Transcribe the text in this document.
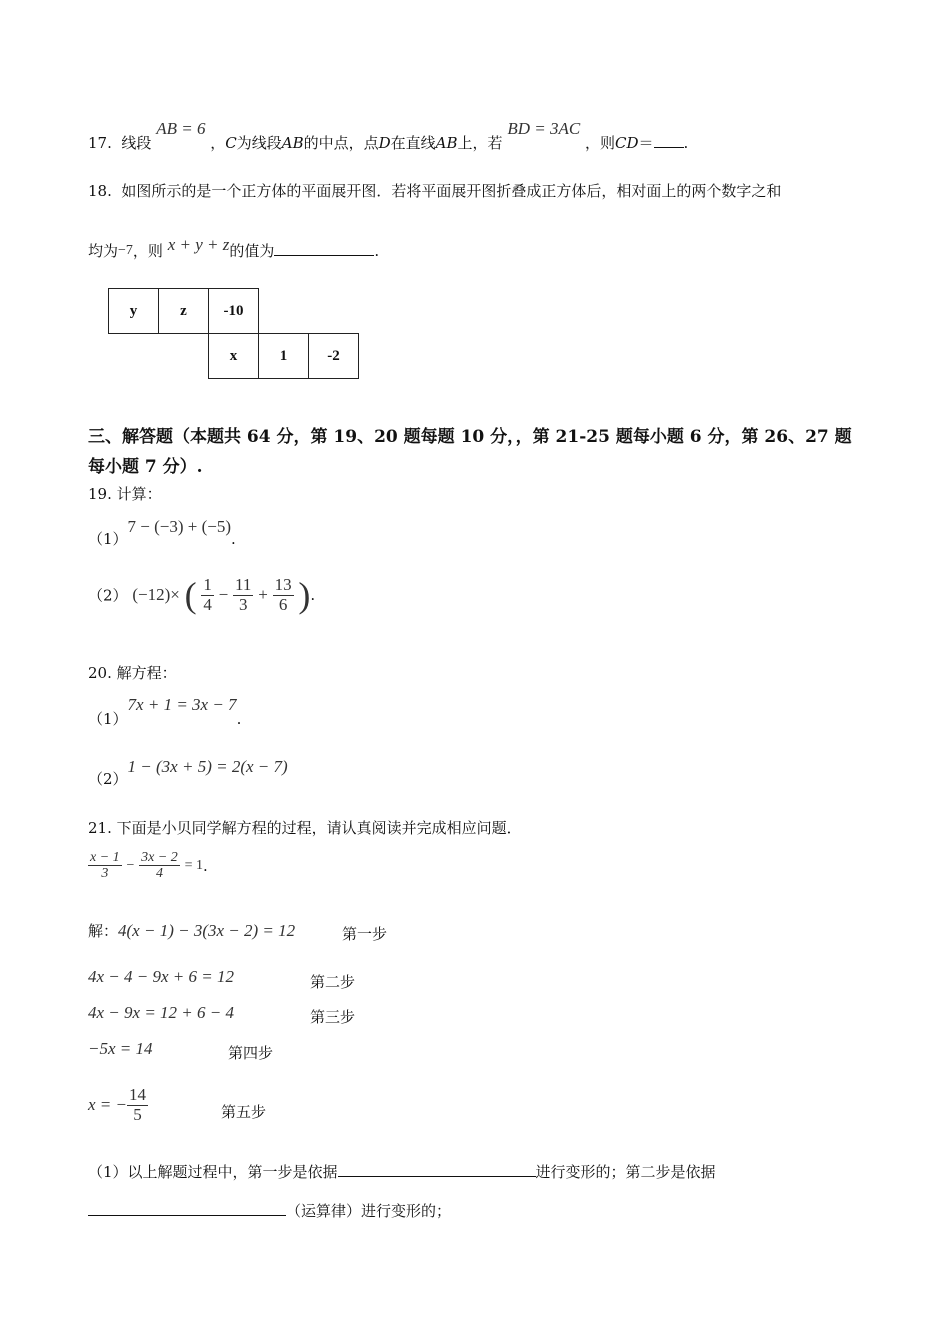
17. 线段 AB = 6 ，C为线段AB的中点，点D在直线AB上，若 BD = 3AC ，则CD＝ .
18. 如图所示的是一个正方体的平面展开图．若将平面展开图折叠成正方体后，相对面上的两个数字之和
均为−7，则 x + y + z的值为	.
y	z	-10		
		x	1	-2
三、解答题（本题共 64 分，第 19、20 题每题 10 分，，第 21-25 题每小题 6 分，第 26、27 题
每小题 7 分）.
19. 计算：
（1）7 − (−3) + (−5).
（2） (−12)× ( $\frac{1}{4} - \frac{11}{3} + \frac{13}{6}$ ).
20. 解方程：
（1）7x + 1 = 3x − 7.
（2）1 − (3x + 5) = 2(x − 7)
21. 下面是小贝同学解方程的过程，请认真阅读并完成相应问题．
$\frac{x - 1}{3} - \frac{3x - 2}{4} = 1$.
解：4(x − 1) − 3(3x − 2) = 12	第一步
4x − 4 − 9x + 6 = 12	第二步
4x − 9x = 12 + 6 − 4	第三步
−5x = 14	第四步
x = − $\frac{14}{5}$	第五步
（1）以上解题过程中，第一步是依据	进行变形的；第二步是依据
（运算律）进行变形的；
